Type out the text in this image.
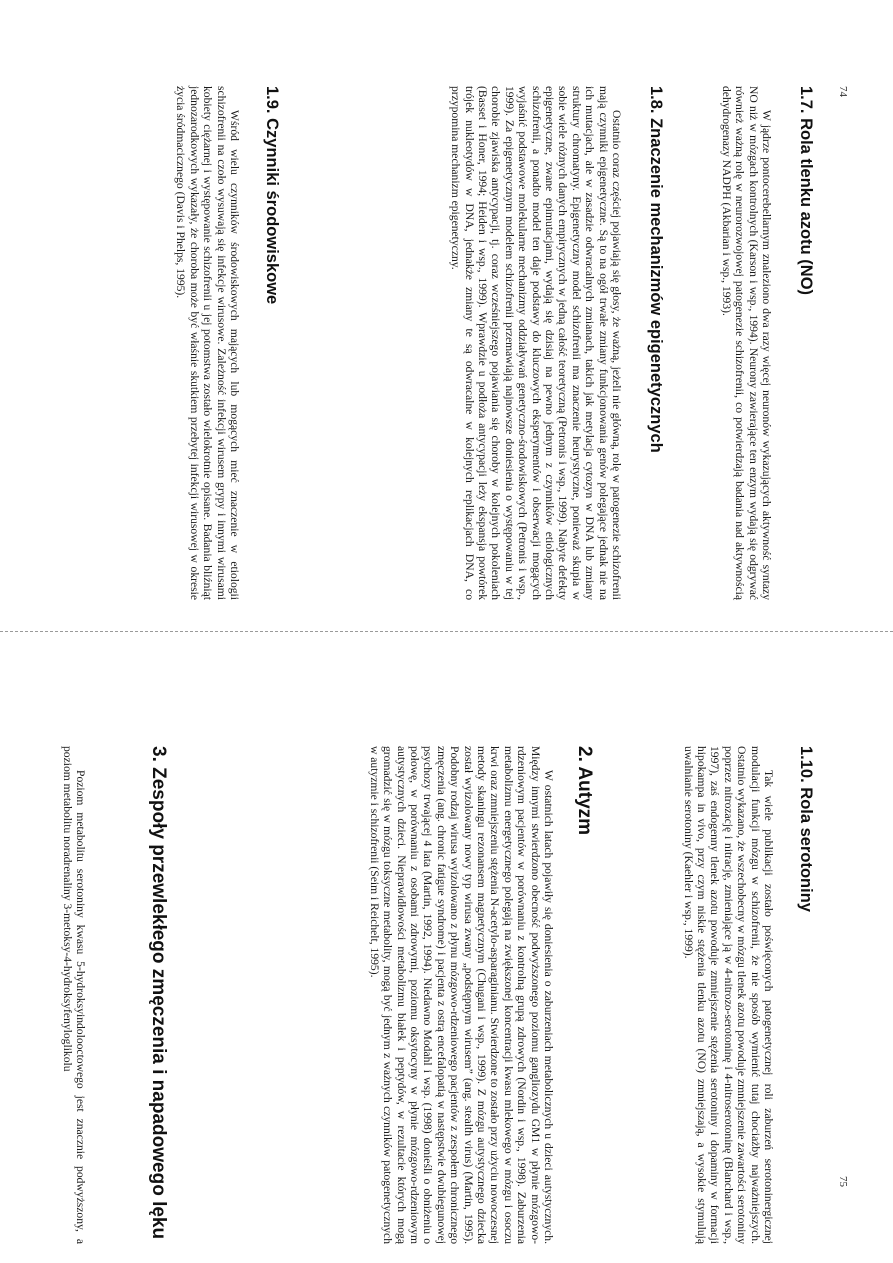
74
1.7. Rola tlenku azotu (NO)

W jądrze pontocerebellarnym znaleziono dwa razy więcej neuronów wykazujących aktywność syntazy NO niż w mózgach kontrolnych (Karson i wsp., 1994). Neurony zawierające ten enzym wydają się odgrywać również ważną rolę w neurorozwojowej patogenezie schizofrenii, co potwierdzają badania nad aktywnością dehydrogenazy NADPH (Akbarian i wsp., 1993).

1.8. Znaczenie mechanizmów epigenetycznych

Ostatnio coraz częściej pojawiają się głosy, że ważną, jeżeli nie główną, rolę w patogenezie schizofrenii mają czynniki epigenetyczne. Są to na ogół trwałe zmiany funkcjonowania genów polegające jednak nie na ich mutacjach, ale w zasadzie odwracalnych zmianach, takich jak metylacja cytozyn w DNA lub zmiany struktury chromatyny. Epigenetyczny model schizofrenii ma znaczenie heurystyczne, ponieważ skupia w sobie wiele różnych danych empirycznych w jedną całość teoretyczną (Petronis i wsp., 1999). Nabyte defekty epigenetyczne, zwane epimutacjami, wydają się dzisiaj na pewno jednym z czynników etiologicznych schizofrenii, a ponadto model ten daje podstawy do kluczowych eksperymentów i obserwacji mogących wyjaśnić podstawowe molekularne mechanizmy oddziaływań genetyczno-środowiskowych (Petronis i wsp., 1999). Za epigenetycznym modelem schizofrenii przemawiają najnowsze doniesienia o występowaniu w tej chorobie zjawiska antycypacji, tj. coraz wcześniejszego pojawiania się choroby w kolejnych pokoleniach (Basset i Honer, 1994; Heiden i wsp., 1999). Wprawdzie u podłoża antycypacji leży ekspansja powtórek trójek nukleotydów w DNA, jednakże zmiany te są odwracalne w kolejnych replikacjach DNA, co przypomina mechanizm epigenetyczny.

1.9. Czynniki środowiskowe

Wśród wielu czynników środowiskowych mających lub mogących mieć znaczenie w etiologii schizofrenii na czoło wysuwają się infekcje wirusowe. Zależność infekcji wirusem grypy i innymi wirusami kobiety ciężarnej i występowanie schizofrenii u jej potomstwa zostało wielokrotnie opisane. Badania bliźniąt jednozarodkowych wykazały, że choroba może być właśnie skutkiem przebytej infekcji wirusowej w okresie życia śródmacicznego (Davis i Phelps, 1995).

75
1.10. Rola serotoniny

Tak wiele publikacji zostało poświęconych patogenetycznej roli zaburzeń serotoninergicznej modulacji funkcji mózgu w schizofrenii, że nie sposób wymienić tutaj chociażby najważniejszych. Ostatnio wykazano, że wszechobecny w mózgu tlenek azotu powoduje zmniejszenie zawartości serotoniny poprzez nitrozację i nitrację, zmieniające ją w 4-nitrozo-serotoninę i 4-nitroserotoninę (Blanchard i wsp., 1997), zaś endogenny tlenek azotu powoduje zmniejszenie stężenia serotoniny i dopaminy w formacji hipokampa in vivo, przy czym niskie stężenia tlenku azotu (NO) zmniejszają, a wysokie stymulują uwalnianie serotoniny (Kaehler i wsp., 1999).

2. Autyzm

W ostatnich latach pojawiły się doniesienia o zaburzeniach metabolicznych u dzieci autystycznych. Między innymi stwierdzono obecność podwyższonego poziomu gangliozydu GM1 w płynie mózgowo-rdzeniowym pacjentów w porównaniu z kontrolną grupą zdrowych (Nordin i wsp., 1998). Zaburzenia metabolizmu energetycznego polegają na zwiększonej koncentracji kwasu mlekowego w mózgu i osoczu krwi oraz zmniejszeniu stężenia N-acetylo-asparaginianu. Stwierdzone to zostało przy użyciu nowoczesnej metody skaningu rezonansem magnetycznym (Chugani i wsp., 1999). Z mózgu autystycznego dziecka został wyizolowany nowy typ wirusa zwany „podstępnym wirusem” (ang. stealth virus) (Martin, 1995). Podobny rodzaj wirusa wyizolowano z płynu mózgowo-rdzeniowego pacjentów z zespołem chronicznego zmęczenia (ang. chronic fatigue syndrome) i pacjenta z ostrą encefalopatią w następstwie dwubiegunowej psychozy trwającej 4 lata (Martin, 1992, 1994). Niedawno Modahl i wsp. (1998) donieśli o obniżeniu o połowę, w porównaniu z osobami zdrowymi, poziomu oksytocyny w płynie mózgowo-rdzeniowym autystycznych dzieci. Nieprawidłowości metabolizmu białek i peptydów, w rezultacie których mogą gromadzić się w mózgu toksyczne metabolity, mogą być jednym z ważnych czynników patogenetycznych w autyzmie i schizofrenii (Seim i Reichelt, 1995).

3. Zespoły przewlekłego zmęczenia i napadowego lęku

Poziom metabolitu serotoniny kwasu 5-hydroksyindolooctowego jest znacznie podwyższony, a poziom metabolitu noradrenaliny 3-metoksy-4-hydroksyfenyloglikolu
